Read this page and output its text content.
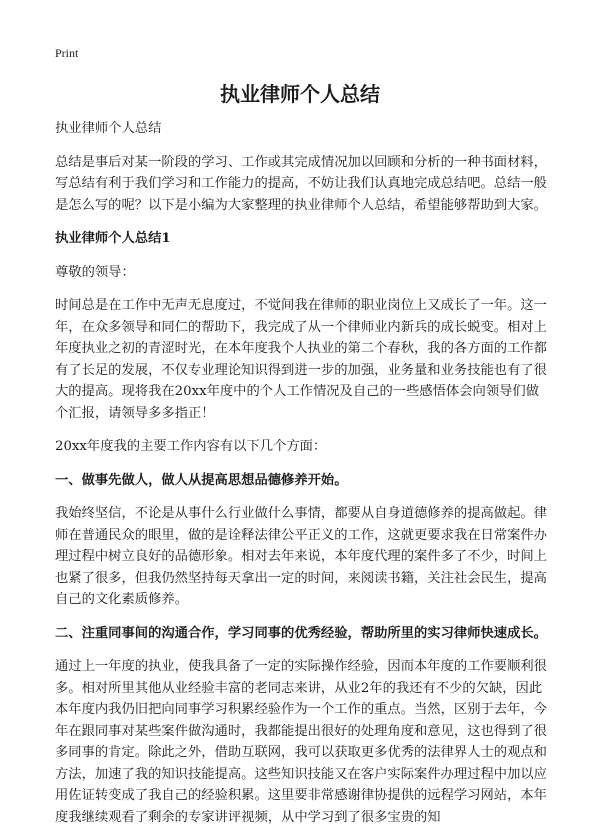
Print
执业律师个人总结

执业律师个人总结

总结是事后对某一阶段的学习、工作或其完成情况加以回顾和分析的一种书面材料，写总结有利于我们学习和工作能力的提高，不妨让我们认真地完成总结吧。总结一般是怎么写的呢？以下是小编为大家整理的执业律师个人总结，希望能够帮助到大家。

执业律师个人总结1

尊敬的领导：

时间总是在工作中无声无息度过，不觉间我在律师的职业岗位上又成长了一年。这一年，在众多领导和同仁的帮助下，我完成了从一个律师业内新兵的成长蜕变。相对上年度执业之初的青涩时光，在本年度我个人执业的第二个春秋，我的各方面的工作都有了长足的发展，不仅专业理论知识得到进一步的加强，业务量和业务技能也有了很大的提高。现将我在20xx年度中的个人工作情况及自己的一些感悟体会向领导们做个汇报，请领导多多指正！

20xx年度我的主要工作内容有以下几个方面：

一、做事先做人，做人从提高思想品德修养开始。

我始终坚信，不论是从事什么行业做什么事情，都要从自身道德修养的提高做起。律师在普通民众的眼里，做的是诠释法律公平正义的工作，这就更要求我在日常案件办理过程中树立良好的品德形象。相对去年来说，本年度代理的案件多了不少，时间上也紧了很多，但我仍然坚持每天拿出一定的时间，来阅读书籍，关注社会民生，提高自己的文化素质修养。

二、注重同事间的沟通合作，学习同事的优秀经验，帮助所里的实习律师快速成长。

通过上一年度的执业，使我具备了一定的实际操作经验，因而本年度的工作要顺利很多。相对所里其他从业经验丰富的老同志来讲，从业2年的我还有不少的欠缺，因此本年度内我仍旧把向同事学习积累经验作为一个工作的重点。当然，区别于去年，今年在跟同事对某些案件做沟通时，我都能提出很好的处理角度和意见，这也得到了很多同事的肯定。除此之外，借助互联网，我可以获取更多优秀的法律界人士的观点和方法，加速了我的知识技能提高。这些知识技能又在客户实际案件办理过程中加以应用佐证转变成了我自己的经验积累。这里要非常感谢律协提供的远程学习网站，本年度我继续观看了剩余的专家讲评视频，从中学习到了很多宝贵的知
